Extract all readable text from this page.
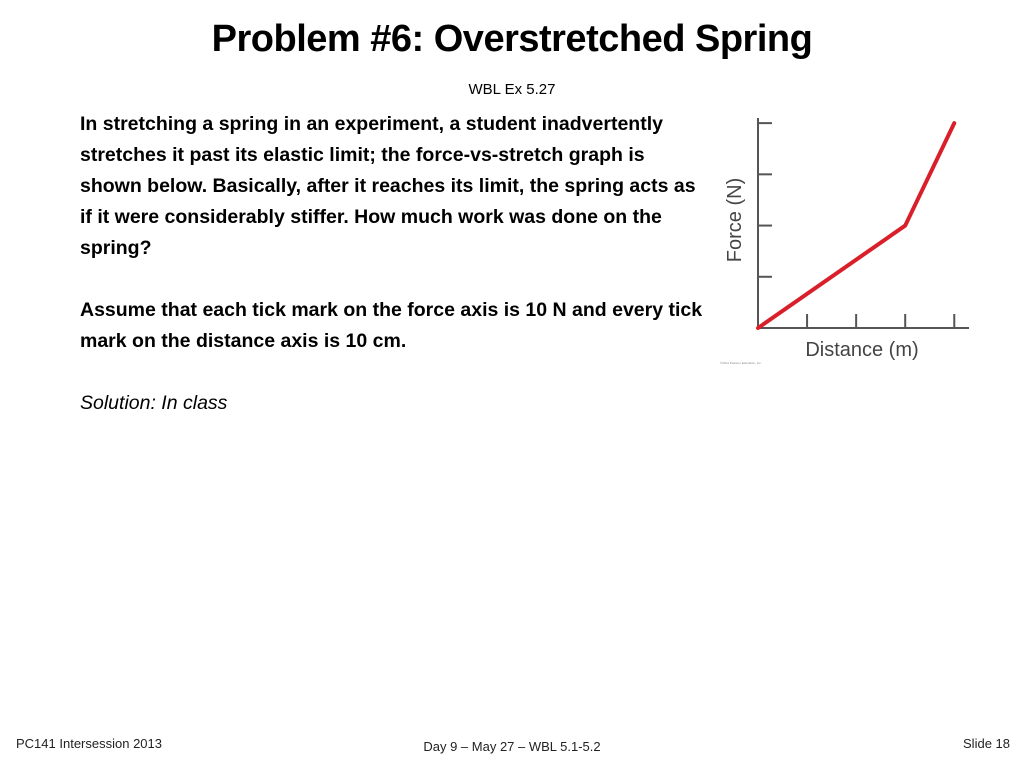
Problem #6: Overstretched Spring
WBL Ex 5.27

In stretching a spring in an experiment, a student inadvertently stretches it past its elastic limit; the force-vs-stretch graph is shown below. Basically, after it reaches its limit, the spring acts as if it were considerably stiffer. How much work was done on the spring?

Assume that each tick mark on the force axis is 10 N and every tick mark on the distance axis is 10 cm.

Solution: In class

Force (N)
Distance (m)
©2014 Pearson Education, Inc.
PC141 Intersession 2013	Day 9 – May 27 – WBL 5.1-5.2	Slide 18
